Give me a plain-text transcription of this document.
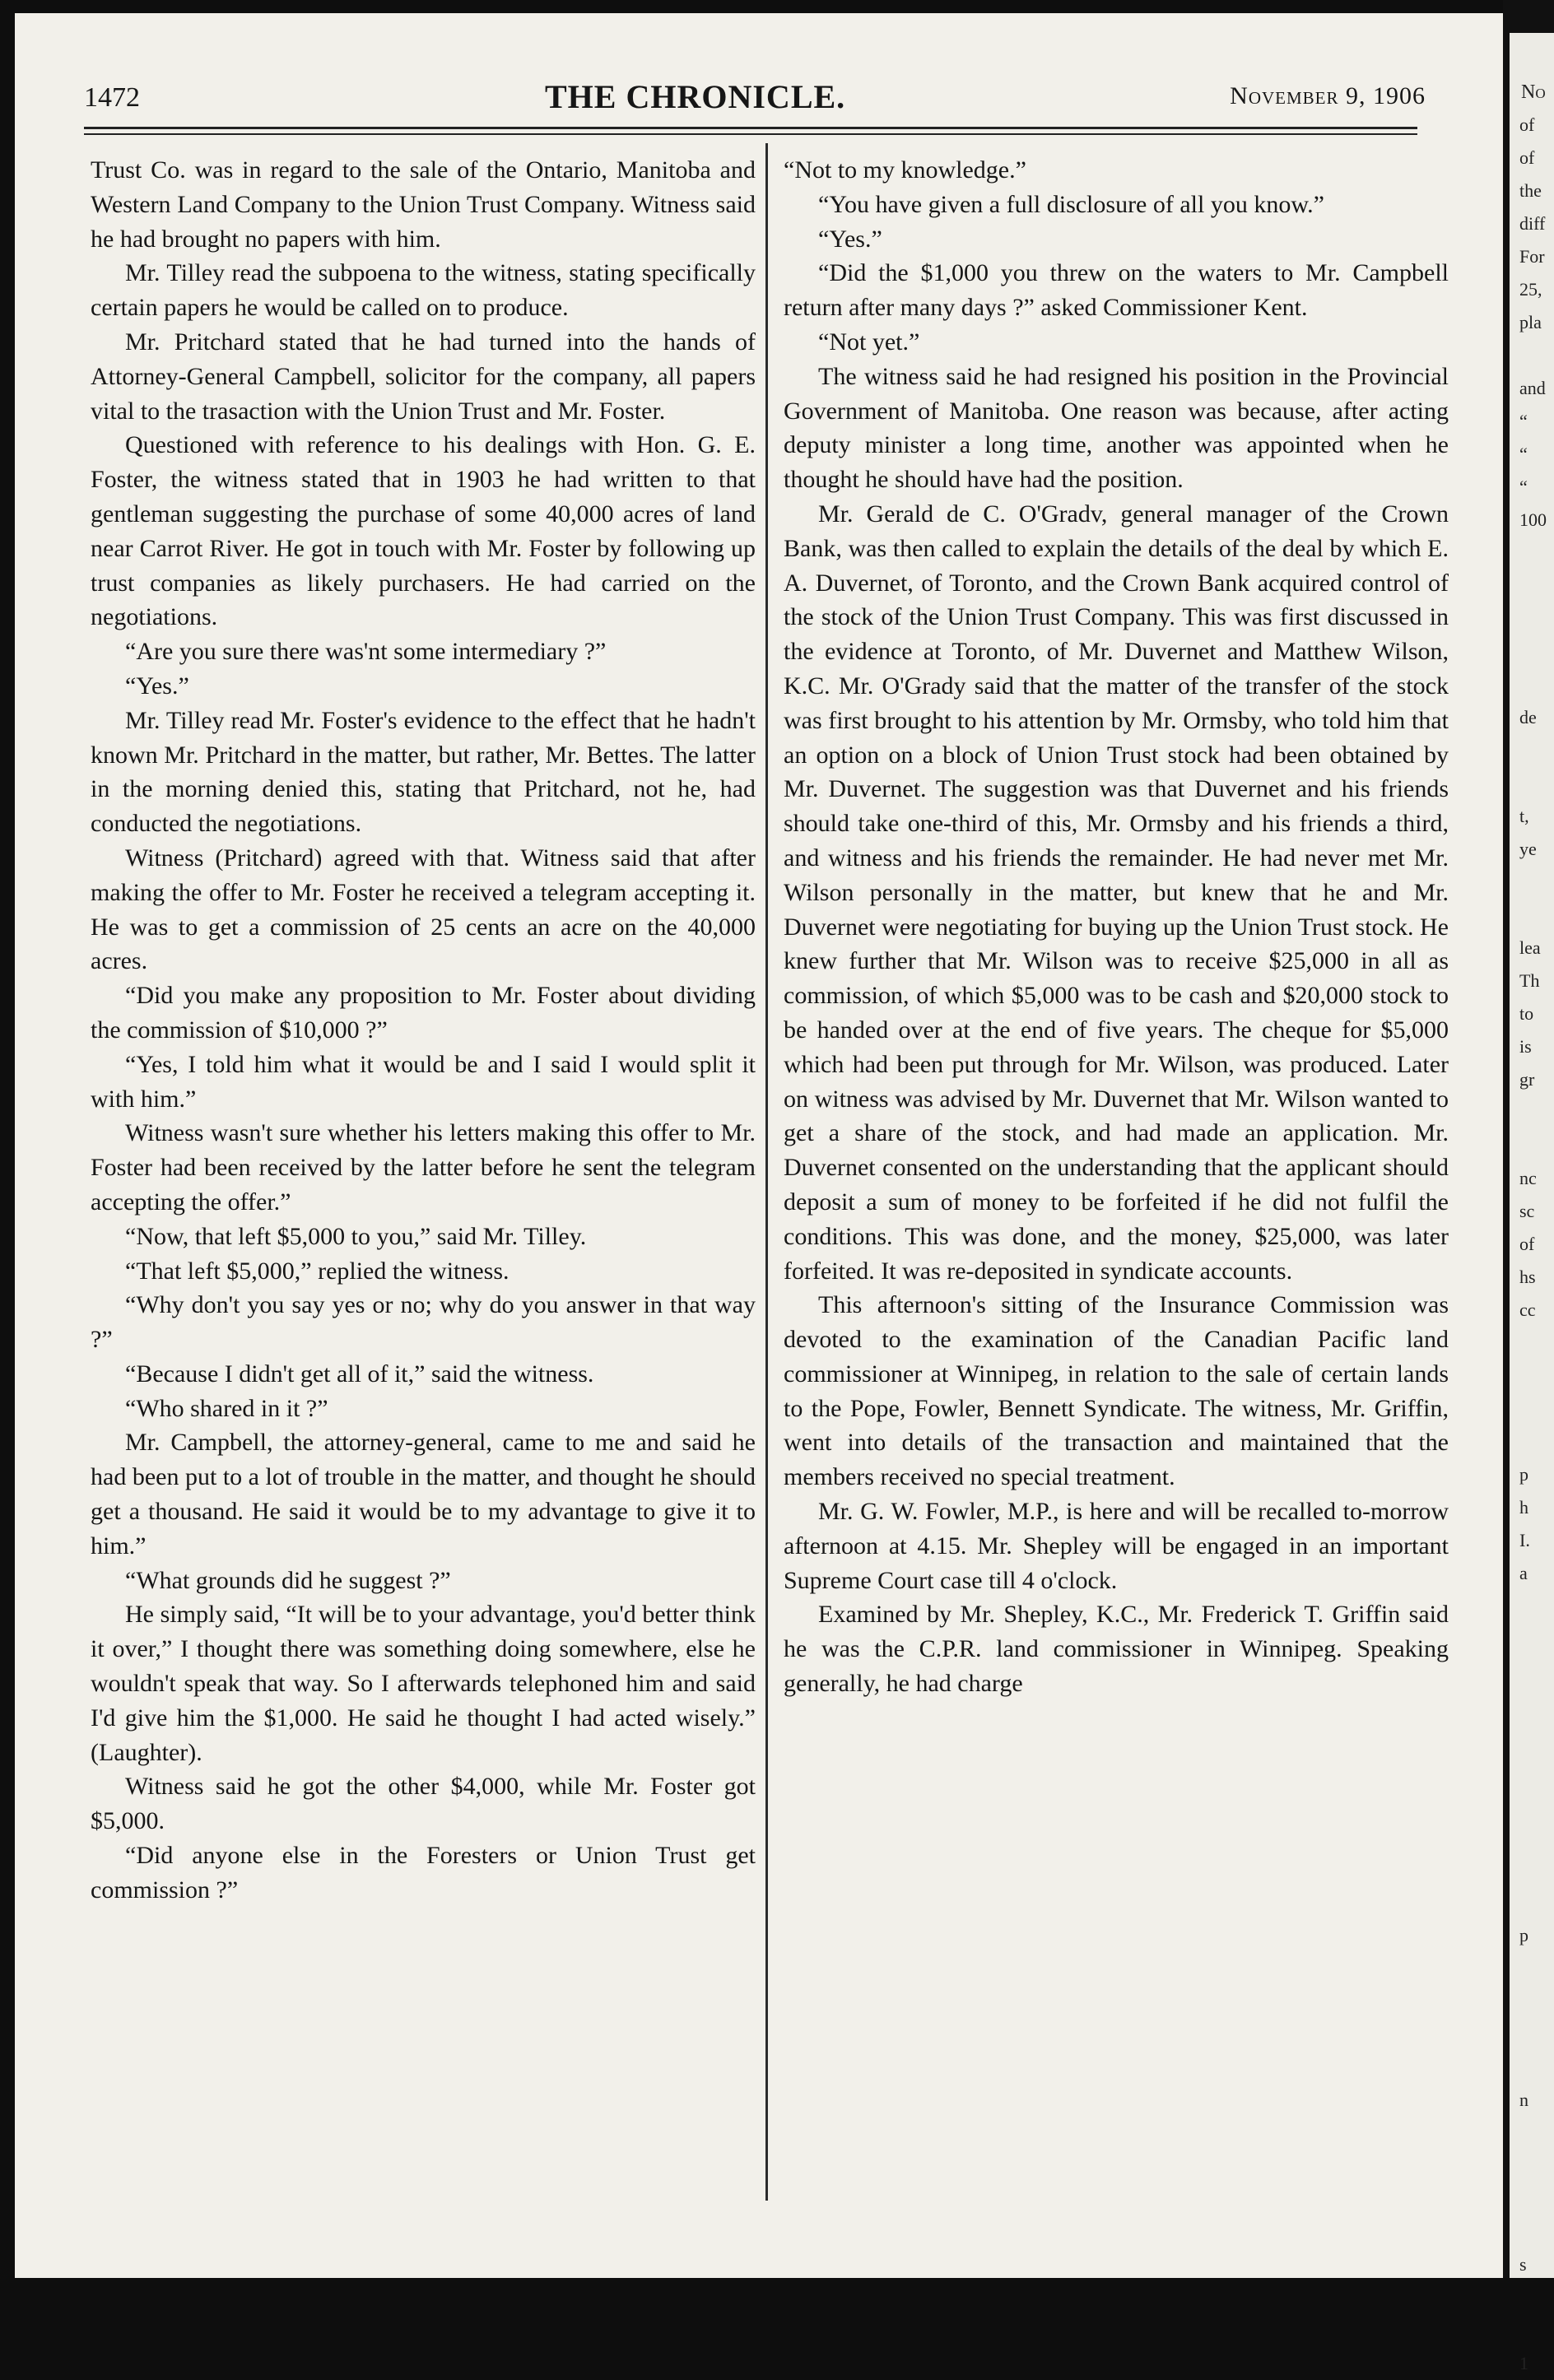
No
of
of
the
diff
For
25,
pla

and
“
“
“
100

de

t,
ye

lea
Th
to
is
gr

nc
sc
of
hs
cc

p
h
I.
a

p

n

s

1
1472	THE CHRONICLE.	November 9, 1906

Trust Co. was in regard to the sale of the Ontario, Manitoba and Western Land Company to the Union Trust Company. Witness said he had brought no papers with him.

Mr. Tilley read the subpoena to the witness, stating specifically certain papers he would be called on to produce.

Mr. Pritchard stated that he had turned into the hands of Attorney-General Campbell, solicitor for the company, all papers vital to the trasaction with the Union Trust and Mr. Foster.

Questioned with reference to his dealings with Hon. G. E. Foster, the witness stated that in 1903 he had written to that gentleman suggesting the purchase of some 40,000 acres of land near Carrot River. He got in touch with Mr. Foster by following up trust companies as likely purchasers. He had carried on the negotiations.

“Are you sure there was'nt some intermediary ?”

“Yes.”

Mr. Tilley read Mr. Foster's evidence to the effect that he hadn't known Mr. Pritchard in the matter, but rather, Mr. Bettes. The latter in the morning denied this, stating that Pritchard, not he, had conducted the negotiations.

Witness (Pritchard) agreed with that. Witness said that after making the offer to Mr. Foster he received a telegram accepting it. He was to get a commission of 25 cents an acre on the 40,000 acres.

“Did you make any proposition to Mr. Foster about dividing the commission of $10,000 ?”

“Yes, I told him what it would be and I said I would split it with him.”

Witness wasn't sure whether his letters making this offer to Mr. Foster had been received by the latter before he sent the telegram accepting the offer.”

“Now, that left $5,000 to you,” said Mr. Tilley.

“That left $5,000,” replied the witness.

“Why don't you say yes or no; why do you answer in that way ?”

“Because I didn't get all of it,” said the witness.

“Who shared in it ?”

Mr. Campbell, the attorney-general, came to me and said he had been put to a lot of trouble in the matter, and thought he should get a thousand. He said it would be to my advantage to give it to him.”

“What grounds did he suggest ?”

He simply said, “It will be to your advantage, you'd better think it over,” I thought there was something doing somewhere, else he wouldn't speak that way. So I afterwards telephoned him and said I'd give him the $1,000. He said he thought I had acted wisely.” (Laughter).

Witness said he got the other $4,000, while Mr. Foster got $5,000.

“Did anyone else in the Foresters or Union Trust get commission ?”

“Not to my knowledge.”

“You have given a full disclosure of all you know.”

“Yes.”

“Did the $1,000 you threw on the waters to Mr. Campbell return after many days ?” asked Commissioner Kent.

“Not yet.”

The witness said he had resigned his position in the Provincial Government of Manitoba. One reason was because, after acting deputy minister a long time, another was appointed when he thought he should have had the position.

Mr. Gerald de C. O'Gradv, general manager of the Crown Bank, was then called to explain the details of the deal by which E. A. Duvernet, of Toronto, and the Crown Bank acquired control of the stock of the Union Trust Company. This was first discussed in the evidence at Toronto, of Mr. Duvernet and Matthew Wilson, K.C. Mr. O'Grady said that the matter of the transfer of the stock was first brought to his attention by Mr. Ormsby, who told him that an option on a block of Union Trust stock had been obtained by Mr. Duvernet. The suggestion was that Duvernet and his friends should take one-third of this, Mr. Ormsby and his friends a third, and witness and his friends the remainder. He had never met Mr. Wilson personally in the matter, but knew that he and Mr. Duvernet were negotiating for buying up the Union Trust stock. He knew further that Mr. Wilson was to receive $25,000 in all as commission, of which $5,000 was to be cash and $20,000 stock to be handed over at the end of five years. The cheque for $5,000 which had been put through for Mr. Wilson, was produced. Later on witness was advised by Mr. Duvernet that Mr. Wilson wanted to get a share of the stock, and had made an application. Mr. Duvernet consented on the understanding that the applicant should deposit a sum of money to be forfeited if he did not fulfil the conditions. This was done, and the money, $25,000, was later forfeited. It was re-deposited in syndicate accounts.

This afternoon's sitting of the Insurance Commission was devoted to the examination of the Canadian Pacific land commissioner at Winnipeg, in relation to the sale of certain lands to the Pope, Fowler, Bennett Syndicate. The witness, Mr. Griffin, went into details of the transaction and maintained that the members received no special treatment.

Mr. G. W. Fowler, M.P., is here and will be recalled to-morrow afternoon at 4.15. Mr. Shepley will be engaged in an important Supreme Court case till 4 o'clock.

Examined by Mr. Shepley, K.C., Mr. Frederick T. Griffin said he was the C.P.R. land commissioner in Winnipeg. Speaking generally, he had charge
